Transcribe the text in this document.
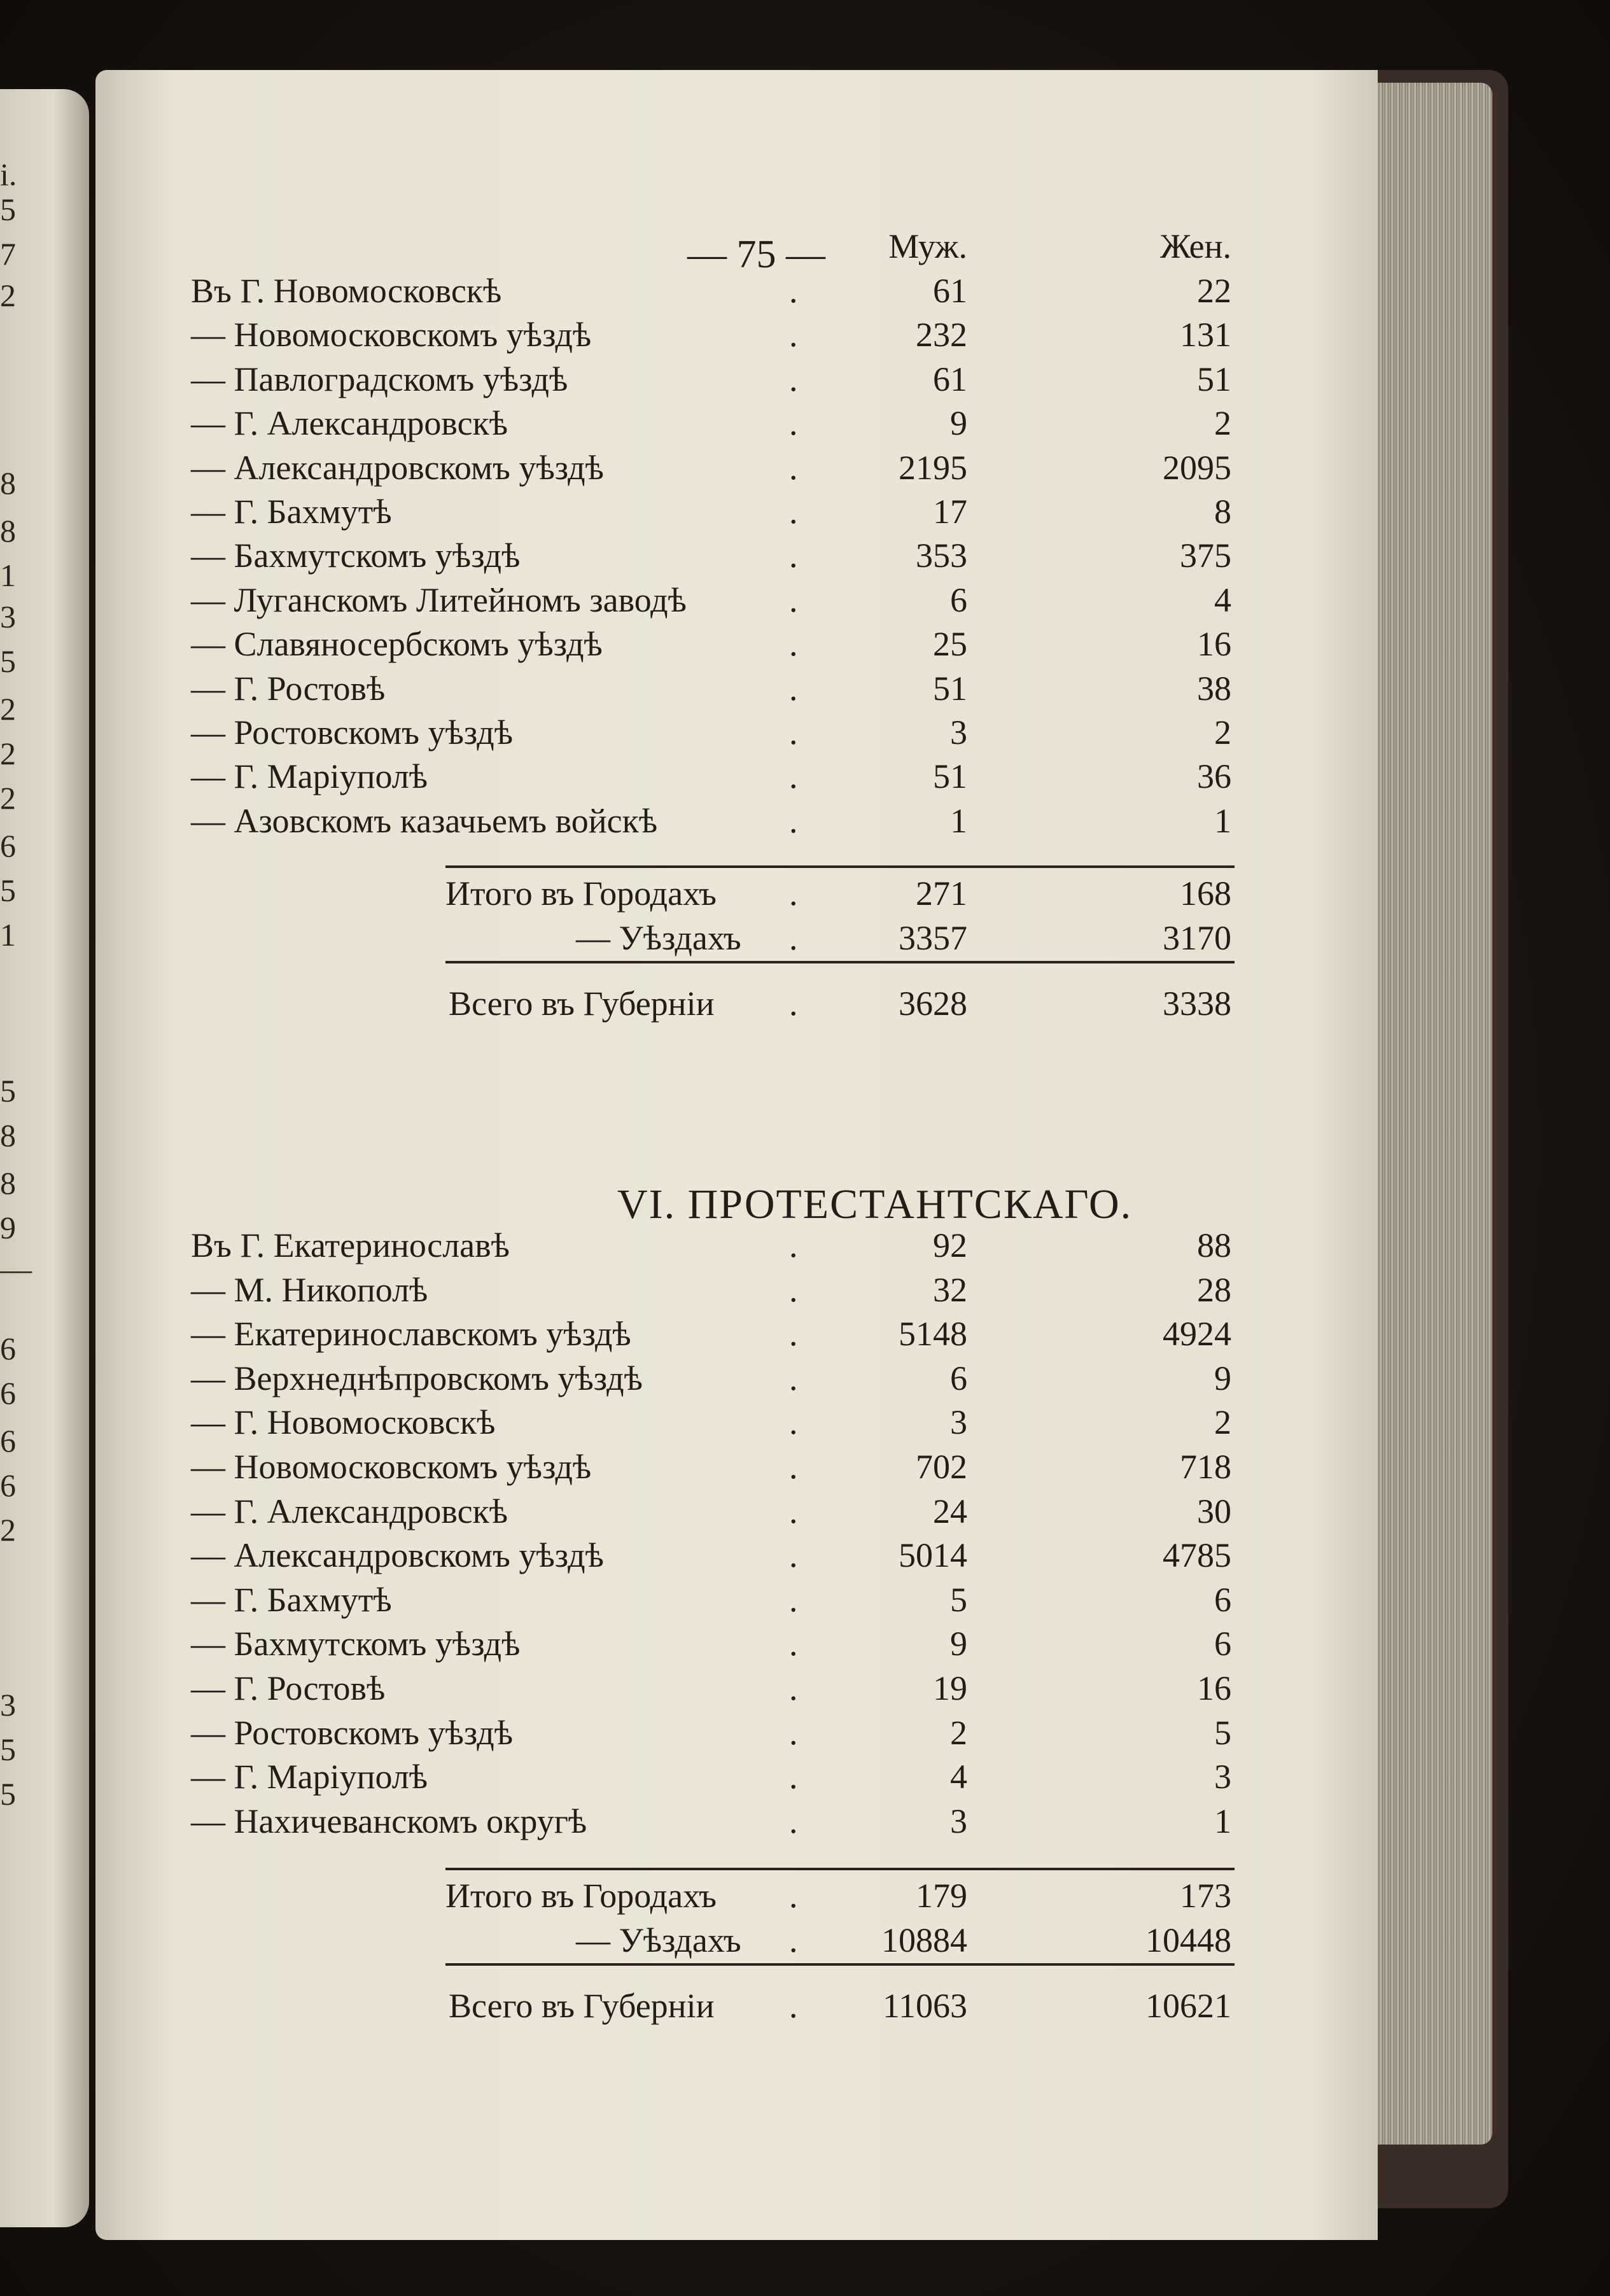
і.
5
7
2
8
8
1
3
5
2
2
2
6
5
1
5
8
8
9
—
6
6
6
6
2
3
5
5
— 75 —
VI. ПРОТЕСТАНТСКАГО.
Муж.	Жен.
Въ Г. Новомосковскѣ	61	22
.
— Новомосковскомъ уѣздѣ	232	131
.
— Павлоградскомъ уѣздѣ	61	51
.
— Г. Александровскѣ	9	2
.
— Александровскомъ уѣздѣ	2195	2095
.
— Г. Бахмутѣ	17	8
.
— Бахмутскомъ уѣздѣ	353	375
.
— Луганскомъ Литейномъ заводѣ	6	4
.
— Славяносербскомъ уѣздѣ	25	16
.
— Г. Ростовѣ	51	38
.
— Ростовскомъ уѣздѣ	3	2
.
— Г. Маріуполѣ	51	36
.
— Азовскомъ казачьемъ войскѣ	1	1
.
Итого въ Городахъ	271	168
.
— Уѣздахъ	3357	3170
.
Всего въ Губерніи	3628	3338
.
Въ Г. Екатеринославѣ	92	88
.
— М. Никополѣ	32	28
.
— Екатеринославскомъ уѣздѣ	5148	4924
.
— Верхнеднѣпровскомъ уѣздѣ	6	9
.
— Г. Новомосковскѣ	3	2
.
— Новомосковскомъ уѣздѣ	702	718
.
— Г. Александровскѣ	24	30
.
— Александровскомъ уѣздѣ	5014	4785
.
— Г. Бахмутѣ	5	6
.
— Бахмутскомъ уѣздѣ	9	6
.
— Г. Ростовѣ	19	16
.
— Ростовскомъ уѣздѣ	2	5
.
— Г. Маріуполѣ	4	3
.
— Нахичеванскомъ округѣ	3	1
.
Итого въ Городахъ	179	173
.
— Уѣздахъ	10884	10448
.
Всего въ Губерніи	11063	10621
.
